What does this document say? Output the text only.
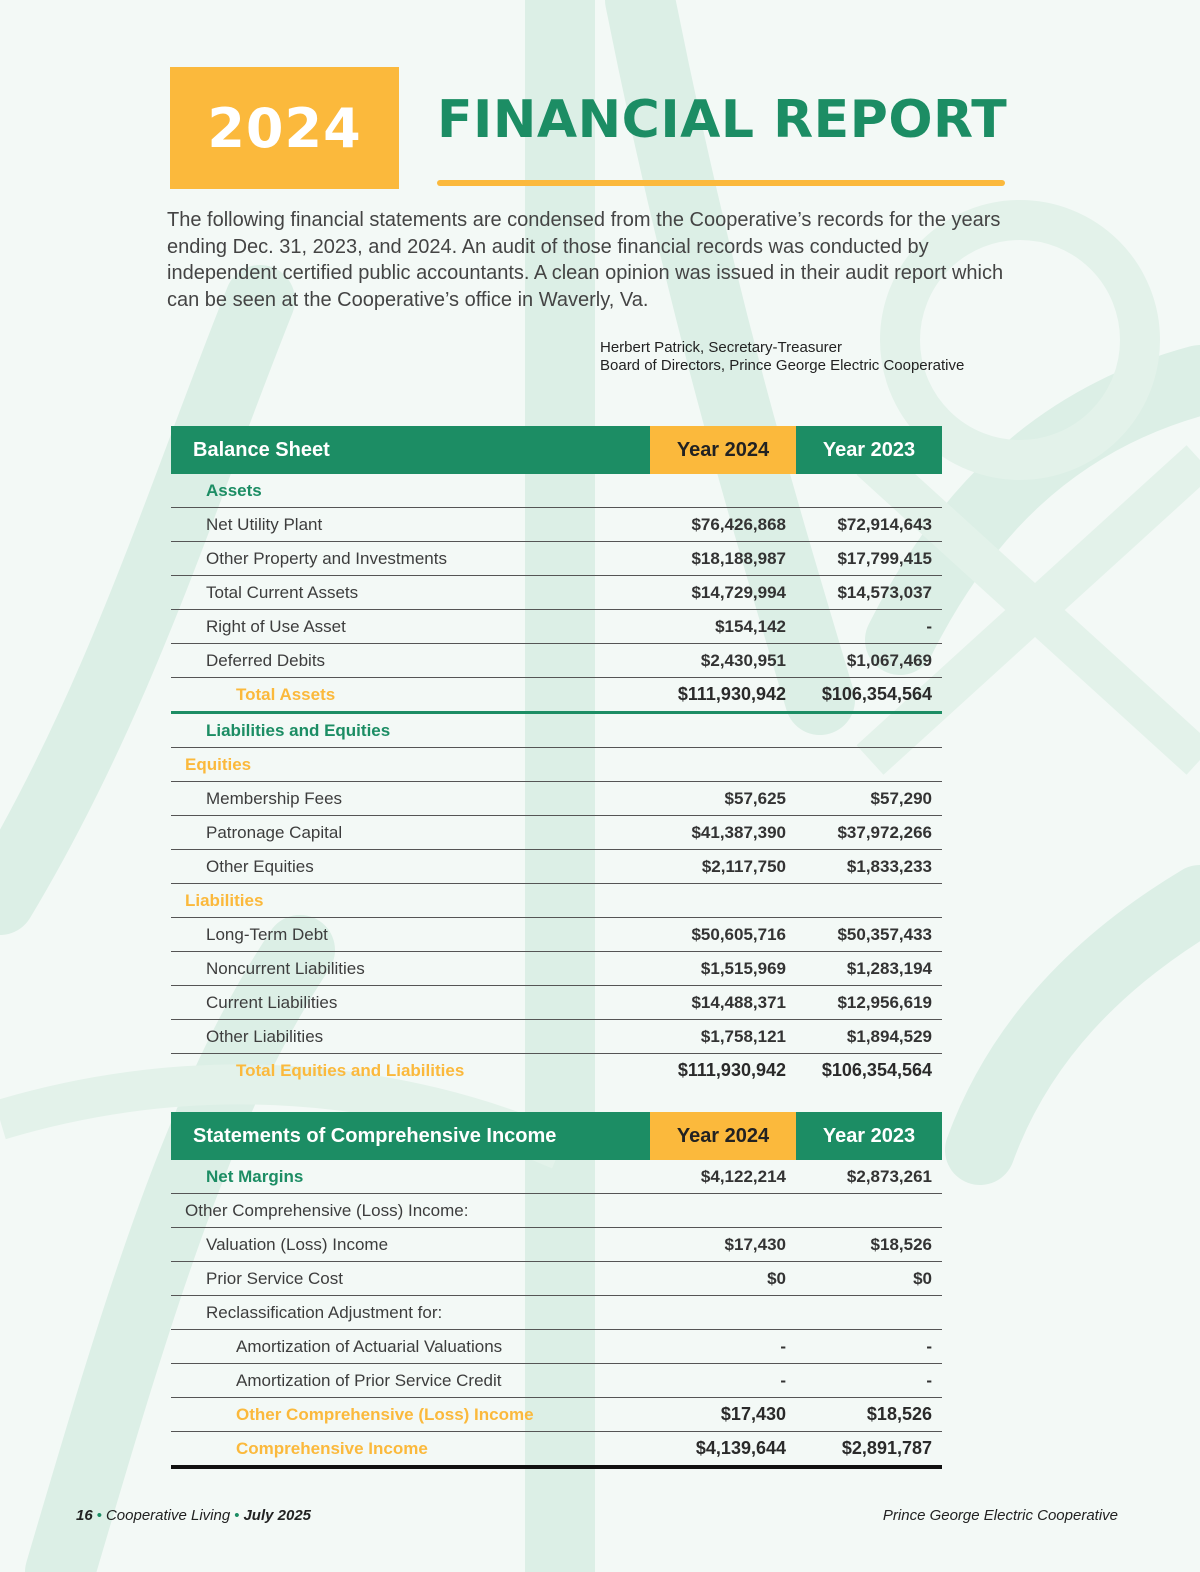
2024 FINANCIAL REPORT

The following financial statements are condensed from the Cooperative’s records for the years ending Dec. 31, 2023, and 2024. An audit of those financial records was conducted by independent certified public accountants. A clean opinion was issued in their audit report which can be seen at the Cooperative’s office in Waverly, Va.

Herbert Patrick, Secretary-Treasurer
Board of Directors, Prince George Electric Cooperative
Balance Sheet	Year 2024	Year 2023
Assets		
Net Utility Plant	$76,426,868	$72,914,643
Other Property and Investments	$18,188,987	$17,799,415
Total Current Assets	$14,729,994	$14,573,037
Right of Use Asset	$154,142	-
Deferred Debits	$2,430,951	$1,067,469
Total Assets	$111,930,942	$106,354,564
Liabilities and Equities		
Equities		
Membership Fees	$57,625	$57,290
Patronage Capital	$41,387,390	$37,972,266
Other Equities	$2,117,750	$1,833,233
Liabilities		
Long-Term Debt	$50,605,716	$50,357,433
Noncurrent Liabilities	$1,515,969	$1,283,194
Current Liabilities	$14,488,371	$12,956,619
Other Liabilities	$1,758,121	$1,894,529
Total Equities and Liabilities	$111,930,942	$106,354,564
Statements of Comprehensive Income	Year 2024	Year 2023
Net Margins	$4,122,214	$2,873,261
Other Comprehensive (Loss) Income:		
Valuation (Loss) Income	$17,430	$18,526
Prior Service Cost	$0	$0
Reclassification Adjustment for:		
Amortization of Actuarial Valuations	-	-
Amortization of Prior Service Credit	-	-
Other Comprehensive (Loss) Income	$17,430	$18,526
Comprehensive Income	$4,139,644	$2,891,787
16 • Cooperative Living • July 2025	Prince George Electric Cooperative
